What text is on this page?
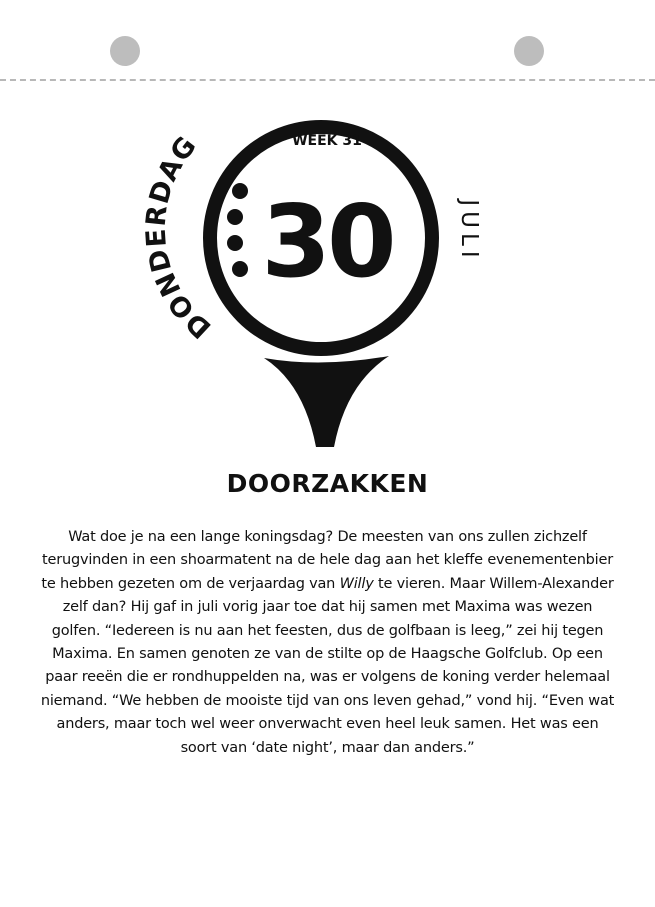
WEEK 31
30
DONDERDAG
JULI
DOORZAKKEN

Wat doe je na een lange koningsdag? De meesten van ons zullen zichzelf
terugvinden in een shoarmatent na de hele dag aan het kleffe evenementenbier
te hebben gezeten om de verjaardag van Willy te vieren. Maar Willem-Alexander
zelf dan? Hij gaf in juli vorig jaar toe dat hij samen met Maxima was wezen
golfen. “Iedereen is nu aan het feesten, dus de golfbaan is leeg,” zei hij tegen
Maxima. En samen genoten ze van de stilte op de Haagsche Golfclub. Op een
paar reeën die er rondhuppelden na, was er volgens de koning verder helemaal
niemand. “We hebben de mooiste tijd van ons leven gehad,” vond hij. “Even wat
anders, maar toch wel weer onverwacht even heel leuk samen. Het was een
soort van ‘date night’, maar dan anders.”
